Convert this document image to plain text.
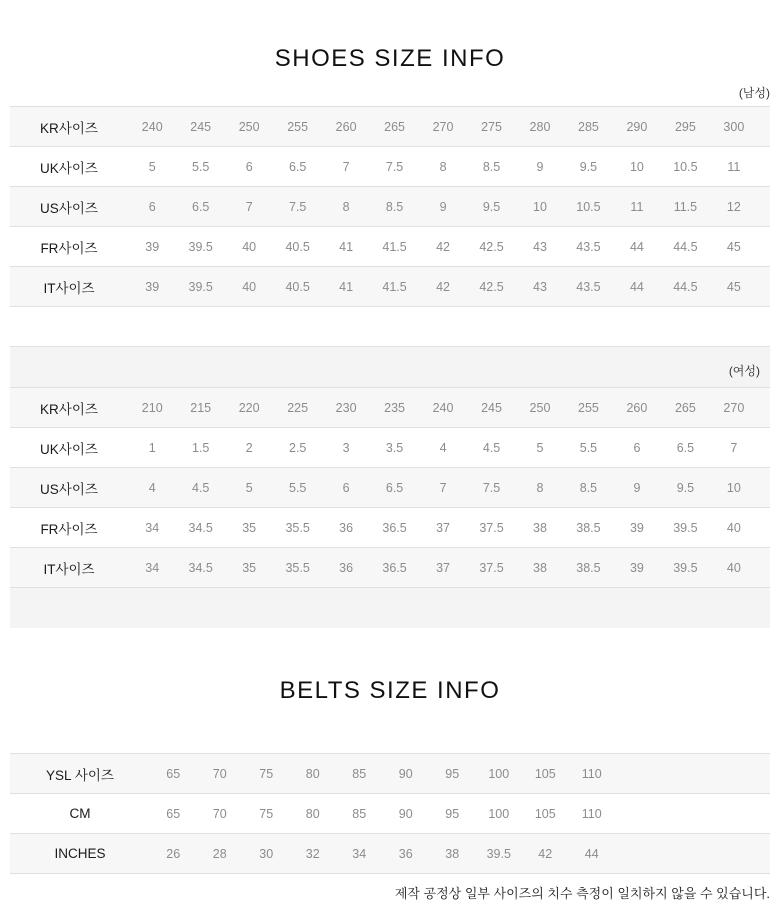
SHOES SIZE INFO
(남성)
KR사이즈	240	245	250	255	260	265	270	275	280	285	290	295	300
UK사이즈	5	5.5	6	6.5	7	7.5	8	8.5	9	9.5	10	10.5	11
US사이즈	6	6.5	7	7.5	8	8.5	9	9.5	10	10.5	11	11.5	12
FR사이즈	39	39.5	40	40.5	41	41.5	42	42.5	43	43.5	44	44.5	45
IT사이즈	39	39.5	40	40.5	41	41.5	42	42.5	43	43.5	44	44.5	45
(여성)
KR사이즈	210	215	220	225	230	235	240	245	250	255	260	265	270
UK사이즈	1	1.5	2	2.5	3	3.5	4	4.5	5	5.5	6	6.5	7
US사이즈	4	4.5	5	5.5	6	6.5	7	7.5	8	8.5	9	9.5	10
FR사이즈	34	34.5	35	35.5	36	36.5	37	37.5	38	38.5	39	39.5	40
IT사이즈	34	34.5	35	35.5	36	36.5	37	37.5	38	38.5	39	39.5	40
BELTS SIZE INFO
YSL 사이즈	65	70	75	80	85	90	95	100	105	110
CM	65	70	75	80	85	90	95	100	105	110
INCHES	26	28	30	32	34	36	38	39.5	42	44
제작 공정상 일부 사이즈의 치수 측정이 일치하지 않을 수 있습니다.
